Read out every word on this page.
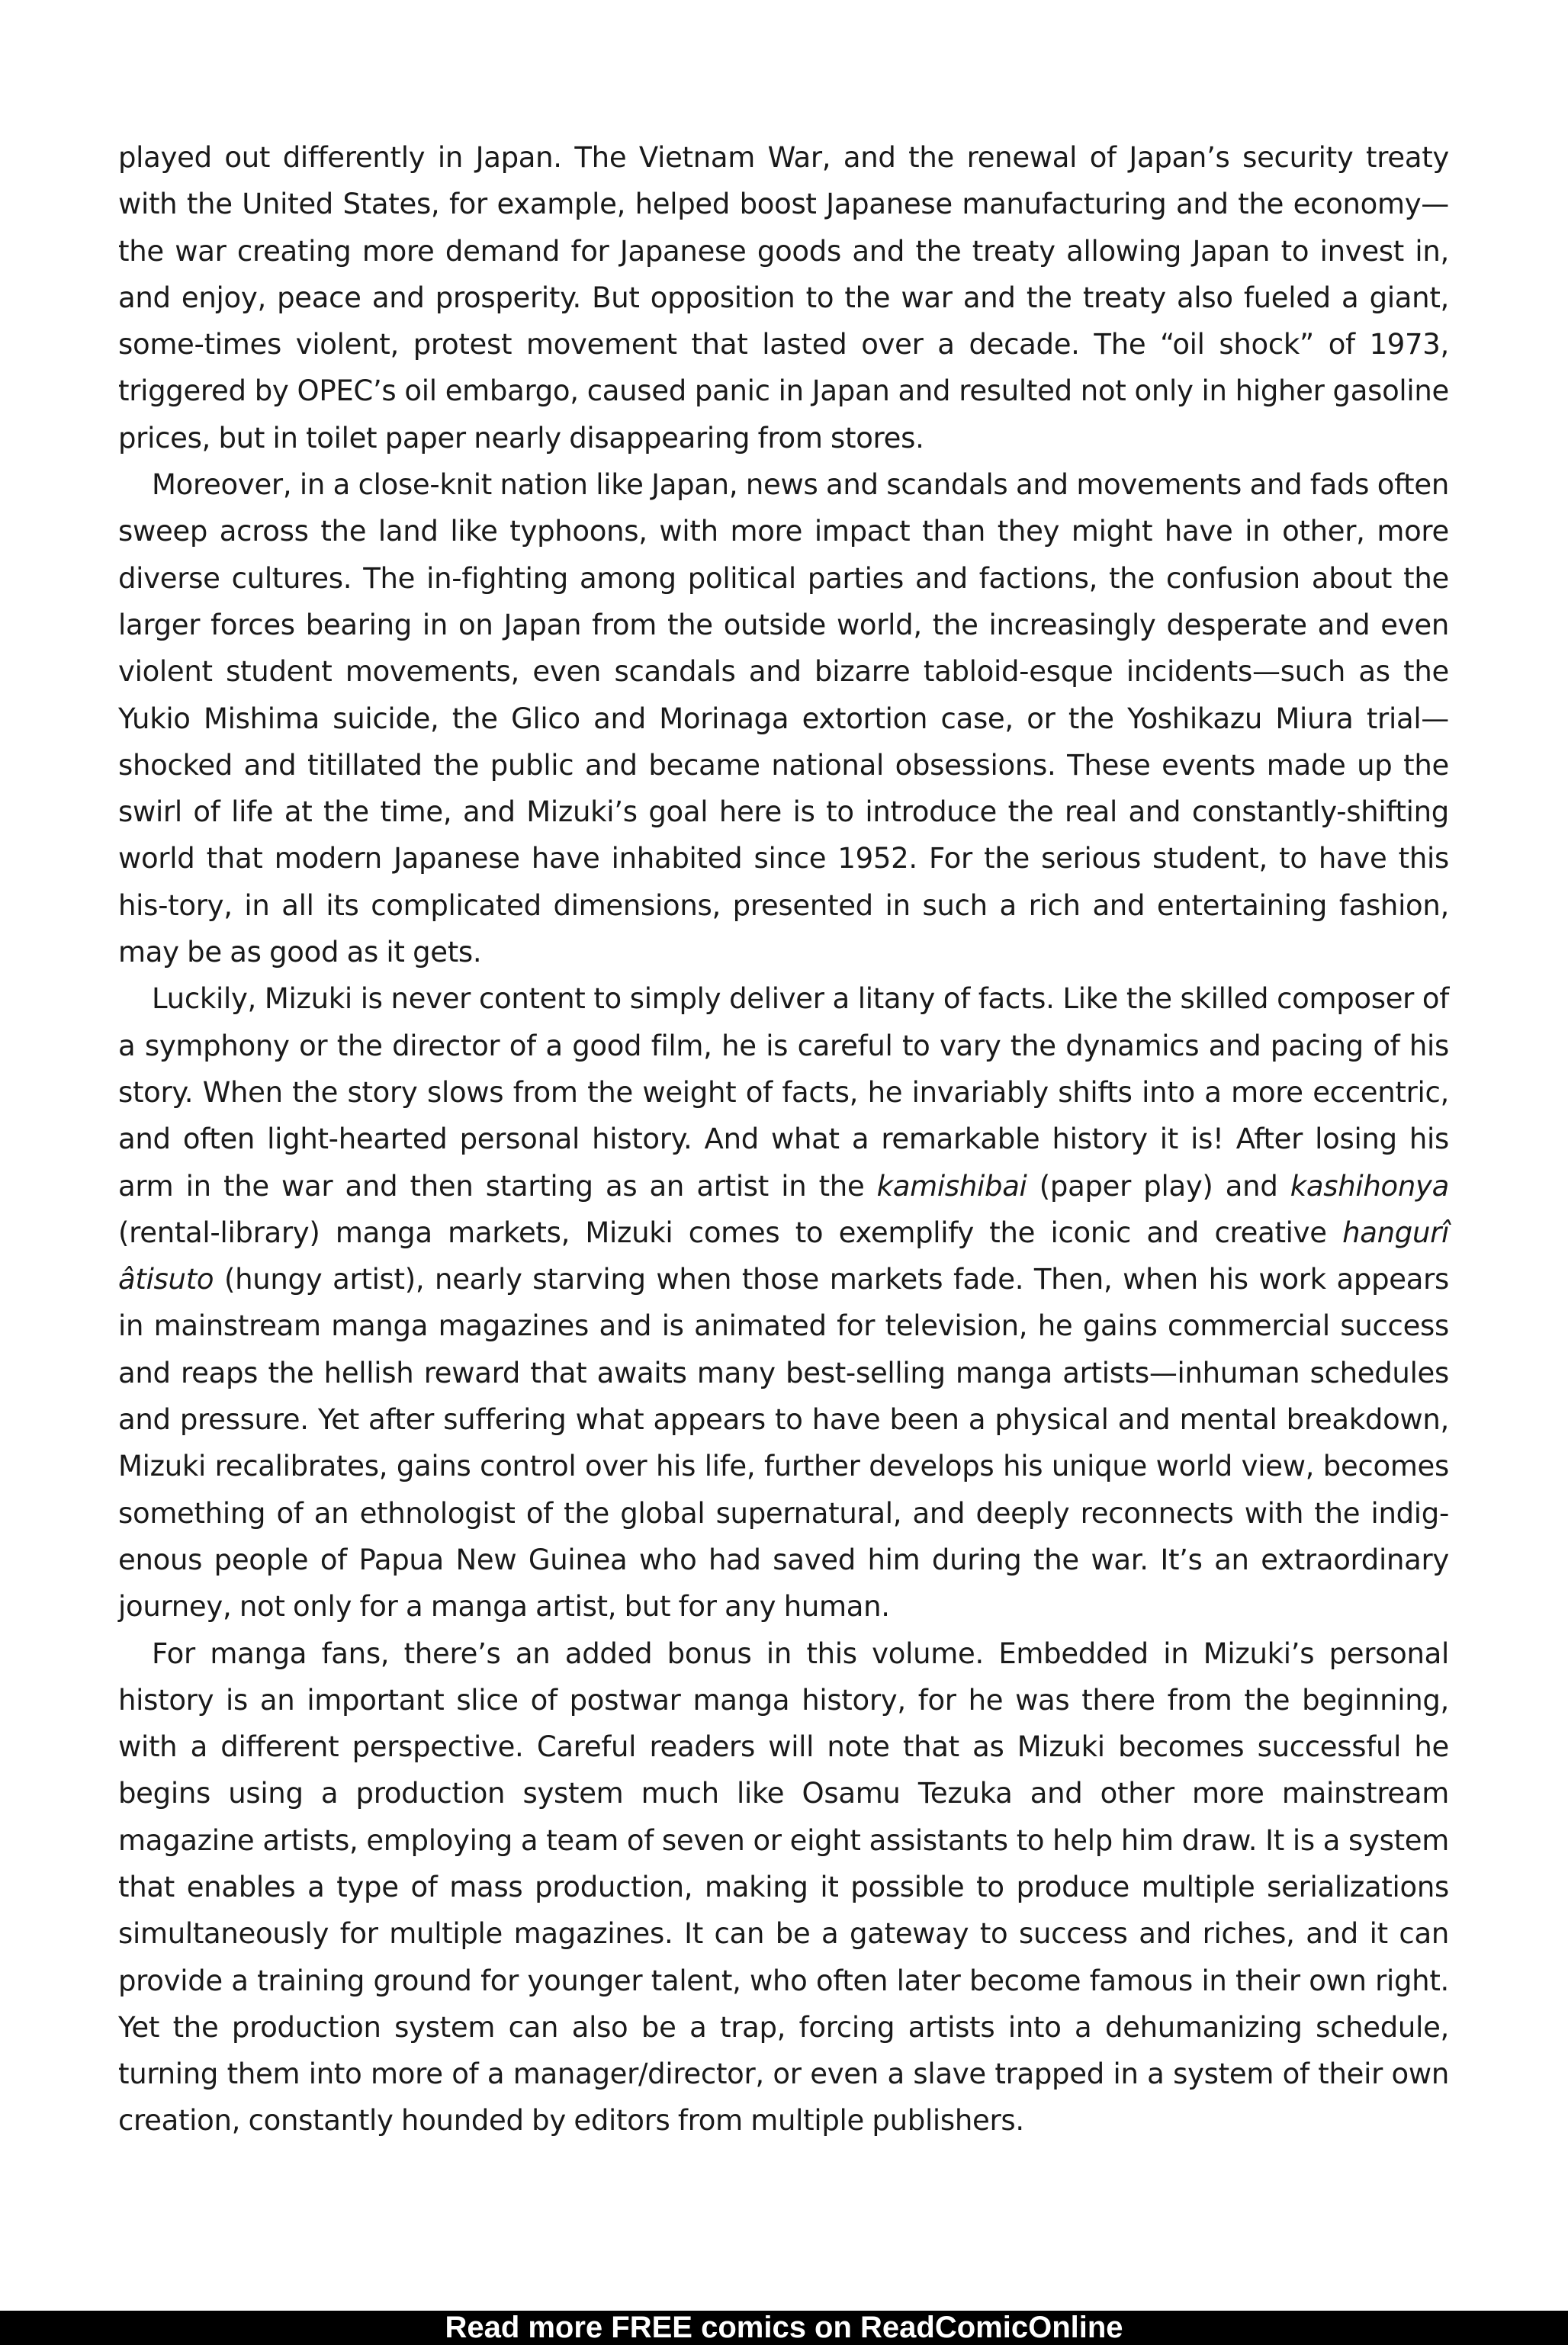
played out differently in Japan. The Vietnam War, and the renewal of Japan’s security treaty with the United States, for example, helped boost Japanese manufacturing and the economy—the war creating more demand for Japanese goods and the treaty allowing Japan to invest in, and enjoy, peace and prosperity. But opposition to the war and the treaty also fueled a giant, some-times violent, protest movement that lasted over a decade. The “oil shock” of 1973, triggered by OPEC’s oil embargo, caused panic in Japan and resulted not only in higher gasoline prices, but in toilet paper nearly disappearing from stores.

Moreover, in a close-knit nation like Japan, news and scandals and movements and fads often sweep across the land like typhoons, with more impact than they might have in other, more diverse cultures. The in-fighting among political parties and factions, the confusion about the larger forces bearing in on Japan from the outside world, the increasingly desperate and even violent student movements, even scandals and bizarre tabloid-esque incidents—such as the Yukio Mishima suicide, the Glico and Morinaga extortion case, or the Yoshikazu Miura trial—shocked and titillated the public and became national obsessions. These events made up the swirl of life at the time, and Mizuki’s goal here is to introduce the real and constantly-shifting world that modern Japanese have inhabited since 1952. For the serious student, to have this his-tory, in all its complicated dimensions, presented in such a rich and entertaining fashion, may be as good as it gets.

Luckily, Mizuki is never content to simply deliver a litany of facts. Like the skilled composer of a symphony or the director of a good film, he is careful to vary the dynamics and pacing of his story. When the story slows from the weight of facts, he invariably shifts into a more eccentric, and often light-hearted personal history. And what a remarkable history it is! After losing his arm in the war and then starting as an artist in the kamishibai (paper play) and kashihonya (rental-library) manga markets, Mizuki comes to exemplify the iconic and creative hangurî âtisuto (hungy artist), nearly starving when those markets fade. Then, when his work appears in mainstream manga magazines and is animated for television, he gains commercial success and reaps the hellish reward that awaits many best-selling manga artists—inhuman schedules and pressure. Yet after suffering what appears to have been a physical and mental breakdown, Mizuki recalibrates, gains control over his life, further develops his unique world view, becomes something of an ethnologist of the global supernatural, and deeply reconnects with the indig-enous people of Papua New Guinea who had saved him during the war. It’s an extraordinary journey, not only for a manga artist, but for any human.

For manga fans, there’s an added bonus in this volume. Embedded in Mizuki’s personal history is an important slice of postwar manga history, for he was there from the beginning, with a different perspective. Careful readers will note that as Mizuki becomes successful he begins using a production system much like Osamu Tezuka and other more mainstream magazine artists, employing a team of seven or eight assistants to help him draw. It is a system that enables a type of mass production, making it possible to produce multiple serializations simultaneously for multiple magazines. It can be a gateway to success and riches, and it can provide a training ground for younger talent, who often later become famous in their own right. Yet the production system can also be a trap, forcing artists into a dehumanizing schedule, turning them into more of a manager/director, or even a slave trapped in a system of their own creation, constantly hounded by editors from multiple publishers.

Read more FREE comics on ReadComicOnline
